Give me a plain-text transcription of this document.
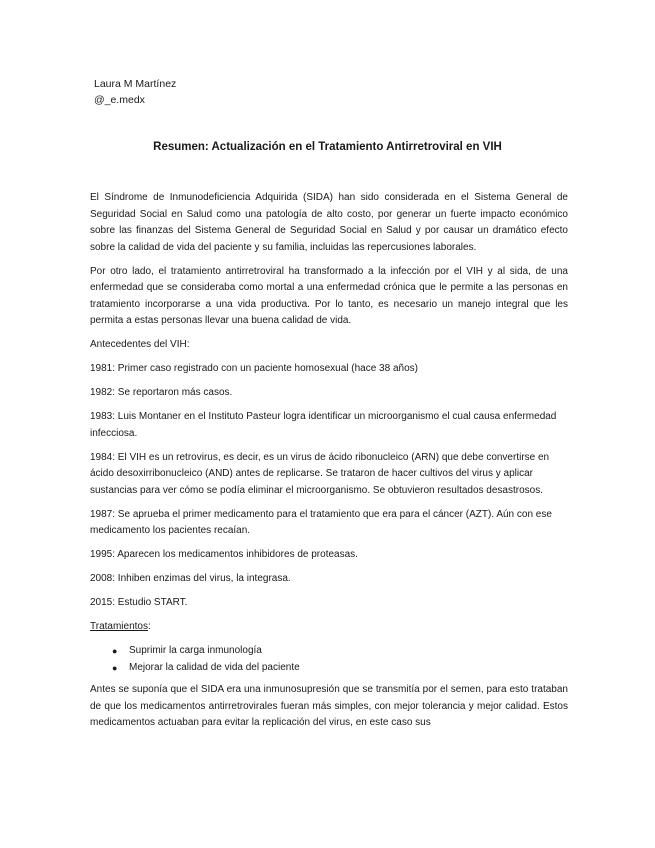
Laura M Martínez
@_e.medx
Resumen: Actualización en el Tratamiento Antirretroviral en VIH

El Síndrome de Inmunodeficiencia Adquirida (SIDA) han sido considerada en el Sistema General de Seguridad Social en Salud como una patología de alto costo, por generar un fuerte impacto económico sobre las finanzas del Sistema General de Seguridad Social en Salud y por causar un dramático efecto sobre la calidad de vida del paciente y su familia, incluidas las repercusiones laborales.

Por otro lado, el tratamiento antirretroviral ha transformado a la infección por el VIH y al sida, de una enfermedad que se consideraba como mortal a una enfermedad crónica que le permite a las personas en tratamiento incorporarse a una vida productiva. Por lo tanto, es necesario un manejo integral que les permita a estas personas llevar una buena calidad de vida.

Antecedentes del VIH:

1981: Primer caso registrado con un paciente homosexual (hace 38 años)

1982: Se reportaron más casos.

1983: Luis Montaner en el Instituto Pasteur logra identificar un microorganismo el cual causa enfermedad infecciosa.

1984: El VIH es un retrovirus, es decir, es un virus de ácido ribonucleico (ARN) que debe convertirse en ácido desoxirribonucleico (AND) antes de replicarse. Se trataron de hacer cultivos del virus y aplicar sustancias para ver cómo se podía eliminar el microorganismo. Se obtuvieron resultados desastrosos.

1987: Se aprueba el primer medicamento para el tratamiento que era para el cáncer (AZT). Aún con ese medicamento los pacientes recaían.

1995: Aparecen los medicamentos inhibidores de proteasas.

2008: Inhiben enzimas del virus, la integrasa.

2015: Estudio START.

Tratamientos:

● Suprimir la carga inmunología
● Mejorar la calidad de vida del paciente

Antes se suponía que el SIDA era una inmunosupresión que se transmitía por el semen, para esto trataban de que los medicamentos antirretrovirales fueran más simples, con mejor tolerancia y mejor calidad. Estos medicamentos actuaban para evitar la replicación del virus, en este caso sus
